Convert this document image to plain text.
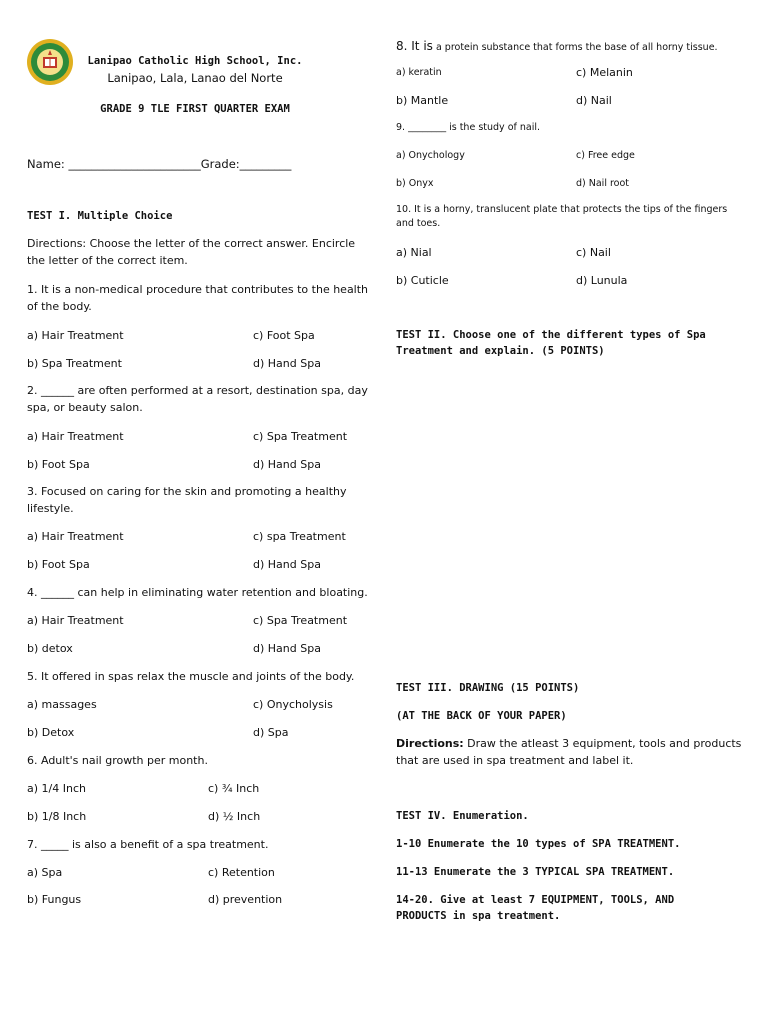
Lanipao Catholic High School, Inc.
Lanipao, Lala, Lanao del Norte
GRADE 9 TLE FIRST QUARTER EXAM
Name: _______________________Grade:_________
TEST I. Multiple Choice
Directions: Choose the letter of the correct answer. Encircle the letter of the correct item.
1. It is a non-medical procedure that contributes to the health of the body.
a) Hair Treatment	c) Foot Spa
b) Spa Treatment	d) Hand Spa
2. ______ are often performed at a resort, destination spa, day spa, or beauty salon.
a) Hair Treatment	c) Spa Treatment
b) Foot Spa	d) Hand Spa
3. Focused on caring for the skin and promoting a healthy lifestyle.
a) Hair Treatment	c) spa Treatment
b) Foot Spa	d) Hand Spa
4. ______ can help in eliminating water retention and bloating.
a) Hair Treatment	c) Spa Treatment
b) detox	d) Hand Spa
5. It offered in spas relax the muscle and joints of the body.
a) massages	c) Onycholysis
b) Detox	d) Spa
6. Adult's nail growth per month.
a) 1/4 Inch	c) ¾ Inch
b) 1/8 Inch	d) ½ Inch
7. _____ is also a benefit of a spa treatment.
a) Spa	c) Retention
b) Fungus	d) prevention
8. It is a protein substance that forms the base of all horny tissue.
a) keratin	c) Melanin
b) Mantle	d) Nail
9. ________ is the study of nail.
a) Onychology	c) Free edge
b) Onyx	d) Nail root
10. It is a horny, translucent plate that protects the tips of the fingers and toes.
a) Nial	c) Nail
b) Cuticle	d) Lunula
TEST II. Choose one of the different types of Spa Treatment and explain. (5 POINTS)
TEST III. DRAWING (15 POINTS)
(AT THE BACK OF YOUR PAPER)
Directions: Draw the atleast 3 equipment, tools and products that are used in spa treatment and label it.
TEST IV. Enumeration.
1-10 Enumerate the 10 types of SPA TREATMENT.
11-13 Enumerate the 3 TYPICAL SPA TREATMENT.
14-20. Give at least 7 EQUIPMENT, TOOLS, AND PRODUCTS in spa treatment.
